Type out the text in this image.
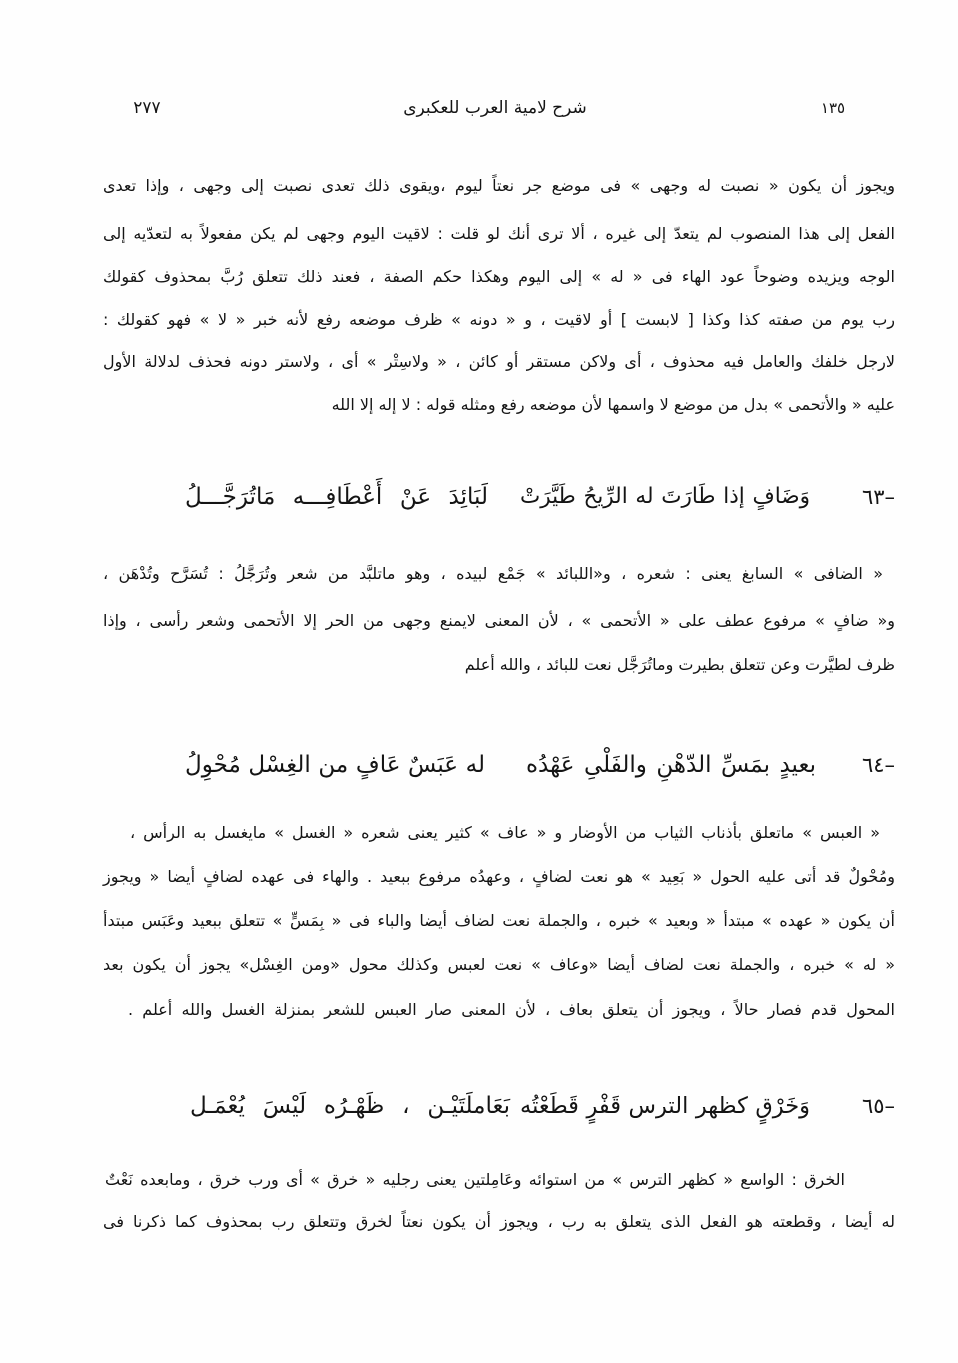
٢٧٧	شرح لامية العرب للعكبرى	١٣٥
ويجوز أن يكون « نصبت له وجهى » فى موضع جر نعتاً ليوم ،ويقوى ذلك تعدى نصبت إلى وجهى ، وإذا تعدى
الفعل إلى هذا المنصوب لم يتعدّ إلى غيره ، ألا ترى أنك لو قلت : لاقيت اليوم وجهى لم يكن مفعولاً به لتعدّيه إلى
الوجه ويزيده وضوحاً عود الهاء فى « له » إلى اليوم وهكذا حكم الصفة ، فعند ذلك تتعلق رُبَّ بمحذوف كقولك
رب يوم من صفته كذا وكذا [ لابست ] أو لاقيت ، و « دونه » ظرف موضعه رفع لأنه خبر « لا » فهو كقولك :
لارجل خلفك والعامل فيه محذوف ، أى ولاكن مستقر أو كائن ، « ولاسِتْر » أى ، ولاستر دونه فحذف لدلالة الأول
عليه « والأتحمى » بدل من موضع لا واسمها لأن موضعه رفع ومثله قوله : لا إله إلا الله
٦٣–
وَضَافٍ إذا طَارَتَ له الرِّيحُ طَيَّرَتْ
لَبَائِدَ عَنْ أَعْطَافِـــه مَاتُرَجَّـــلُ
« الضافى » السابغ يعنى : شعره ، و«اللبائد » جَمْع لبيده ، وهو ماتلبَّد من شعر وتُرَجَّلُ : تُسَرَّح وتُدْهَن ،
و« ضافٍ » مرفوع عطف على « الأتحمى » ، لأن المعنى لايمنع وجهى من الحر إلا الأتحمى وشعر رأسى ، وإذا
ظرف لطيَّرت وعن تتعلق بطيرت وماتُرَجَّل نعت للبائد ، والله أعلم
٦٤–
بعيدٍ بمَسِّ الدّهْنِ والفَلْىِ عَهْدُه
له عَبَسٌ عَافٍ من الغِسْل مُحْوِلُ
« العبس » ماتعلق بأذناب الثياب من الأوضار و « عاف » كثير يعنى شعره « الغسل » مايغسل به الرأس ،
ومُحْولٌ قد أتى عليه الحول « بَعِيد » هو نعت لضافٍ ، وعهدُه مرفوع ببعيد . والهاء فى عهده لضافٍ أيضا « ويجوز
أن يكون « عهده » مبتدأ « وبعيد » خبره ، والجملة نعت لضاف أيضا والباء فى « بِمَسٍّ » تتعلق ببعيد وعَبَس مبتدأ
« له » خبره ، والجملة نعت لضاف أيضا «وعاف » نعت لعبس وكذلك محول «ومن الغِسْل» يجوز أن يكون بعد
المحول قدم فصار حالاً ، ويجوز أن يتعلق بعاف ، لأن المعنى صار العبس للشعر بمنزلة الغسل والله أعلم .
٦٥–
وَخَرْقٍ كظهر الترس قَفْرٍ قَطَعْتُه
بَعَاملَتَيْـن ، ظَهْـرُه لَيْسَ يُعْمَـل
الخرق : الواسع « كظهر الترس » من استوائه وعَامِلتين يعنى رجليه « خرق » أى ورب خرق ، ومابعده نَعْتٌ
له أيضا ، وقطعته هو الفعل الذى يتعلق به رب ، ويجوز أن يكون نعتاً لخرق وتتعلق رب بمحذوف كما ذكرنا فى
